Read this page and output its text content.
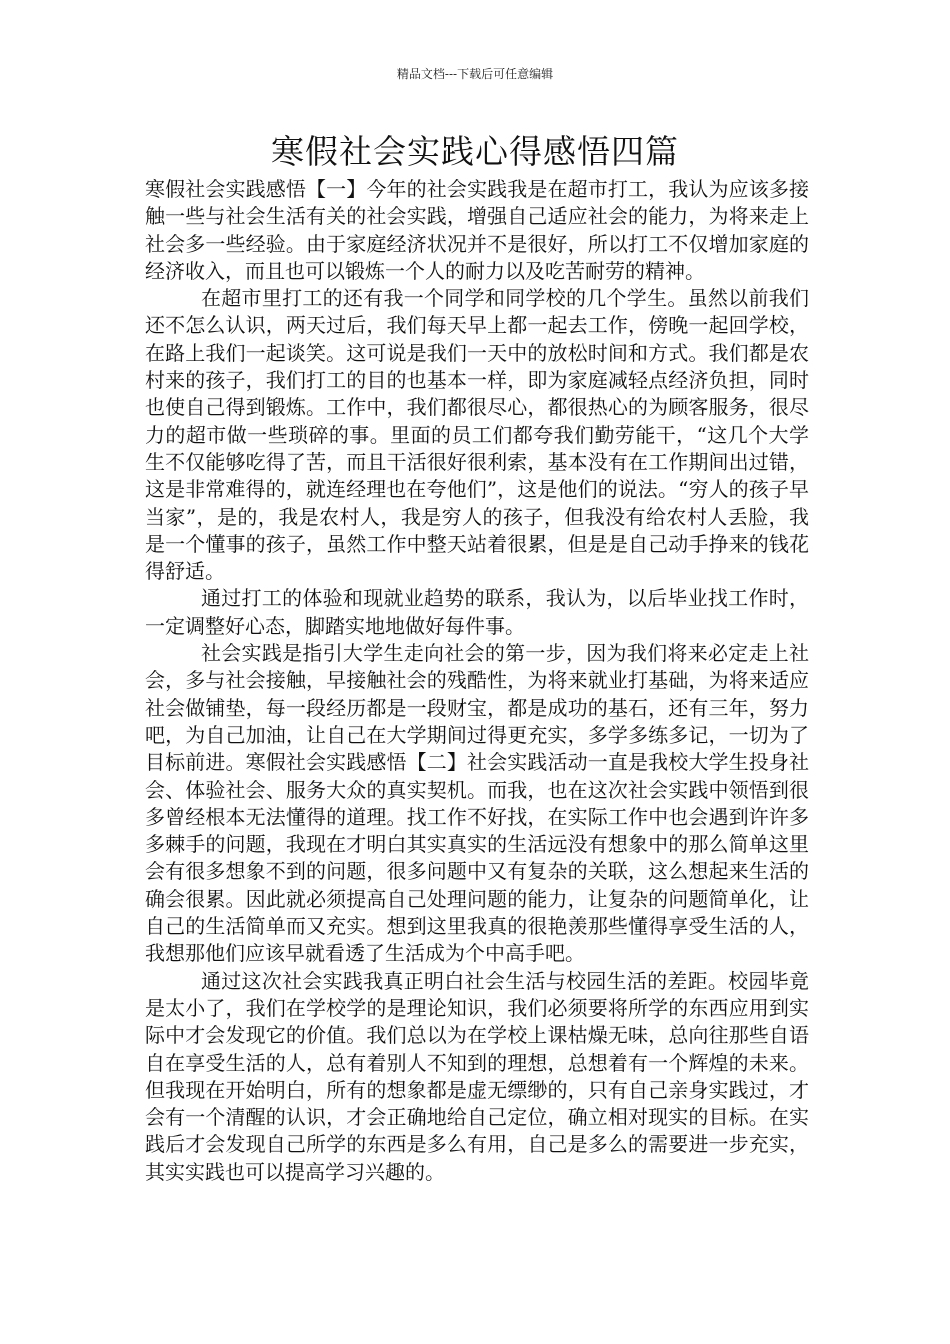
精品文档---下载后可任意编辑
寒假社会实践心得感悟四篇

寒假社会实践感悟【一】今年的社会实践我是在超市打工，我认为应该多接触一些与社会生活有关的社会实践，增强自己适应社会的能力，为将来走上社会多一些经验。由于家庭经济状况并不是很好，所以打工不仅增加家庭的经济收入，而且也可以锻炼一个人的耐力以及吃苦耐劳的精神。

在超市里打工的还有我一个同学和同学校的几个学生。虽然以前我们还不怎么认识，两天过后，我们每天早上都一起去工作，傍晚一起回学校，在路上我们一起谈笑。这可说是我们一天中的放松时间和方式。我们都是农村来的孩子，我们打工的目的也基本一样，即为家庭减轻点经济负担，同时也使自己得到锻炼。工作中，我们都很尽心，都很热心的为顾客服务，很尽力的超市做一些琐碎的事。里面的员工们都夸我们勤劳能干，“这几个大学生不仅能够吃得了苦，而且干活很好很利索，基本没有在工作期间出过错，这是非常难得的，就连经理也在夸他们”，这是他们的说法。“穷人的孩子早当家”，是的，我是农村人，我是穷人的孩子，但我没有给农村人丢脸，我是一个懂事的孩子，虽然工作中整天站着很累，但是是自己动手挣来的钱花得舒适。

通过打工的体验和现就业趋势的联系，我认为，以后毕业找工作时，一定调整好心态，脚踏实地地做好每件事。

社会实践是指引大学生走向社会的第一步，因为我们将来必定走上社会，多与社会接触，早接触社会的残酷性，为将来就业打基础，为将来适应社会做铺垫，每一段经历都是一段财宝，都是成功的基石，还有三年，努力吧，为自己加油，让自己在大学期间过得更充实，多学多练多记，一切为了目标前进。寒假社会实践感悟【二】社会实践活动一直是我校大学生投身社会、体验社会、服务大众的真实契机。而我，也在这次社会实践中领悟到很多曾经根本无法懂得的道理。找工作不好找，在实际工作中也会遇到许许多多棘手的问题，我现在才明白其实真实的生活远没有想象中的那么简单这里会有很多想象不到的问题，很多问题中又有复杂的关联，这么想起来生活的确会很累。因此就必须提高自己处理问题的能力，让复杂的问题简单化，让自己的生活简单而又充实。想到这里我真的很艳羡那些懂得享受生活的人，我想那他们应该早就看透了生活成为个中高手吧。

通过这次社会实践我真正明白社会生活与校园生活的差距。校园毕竟是太小了，我们在学校学的是理论知识，我们必须要将所学的东西应用到实际中才会发现它的价值。我们总以为在学校上课枯燥无味，总向往那些自语自在享受生活的人，总有着别人不知到的理想，总想着有一个辉煌的未来。但我现在开始明白，所有的想象都是虚无缥缈的，只有自己亲身实践过，才会有一个清醒的认识，才会正确地给自己定位，确立相对现实的目标。在实践后才会发现自己所学的东西是多么有用，自己是多么的需要进一步充实，其实实践也可以提高学习兴趣的。
